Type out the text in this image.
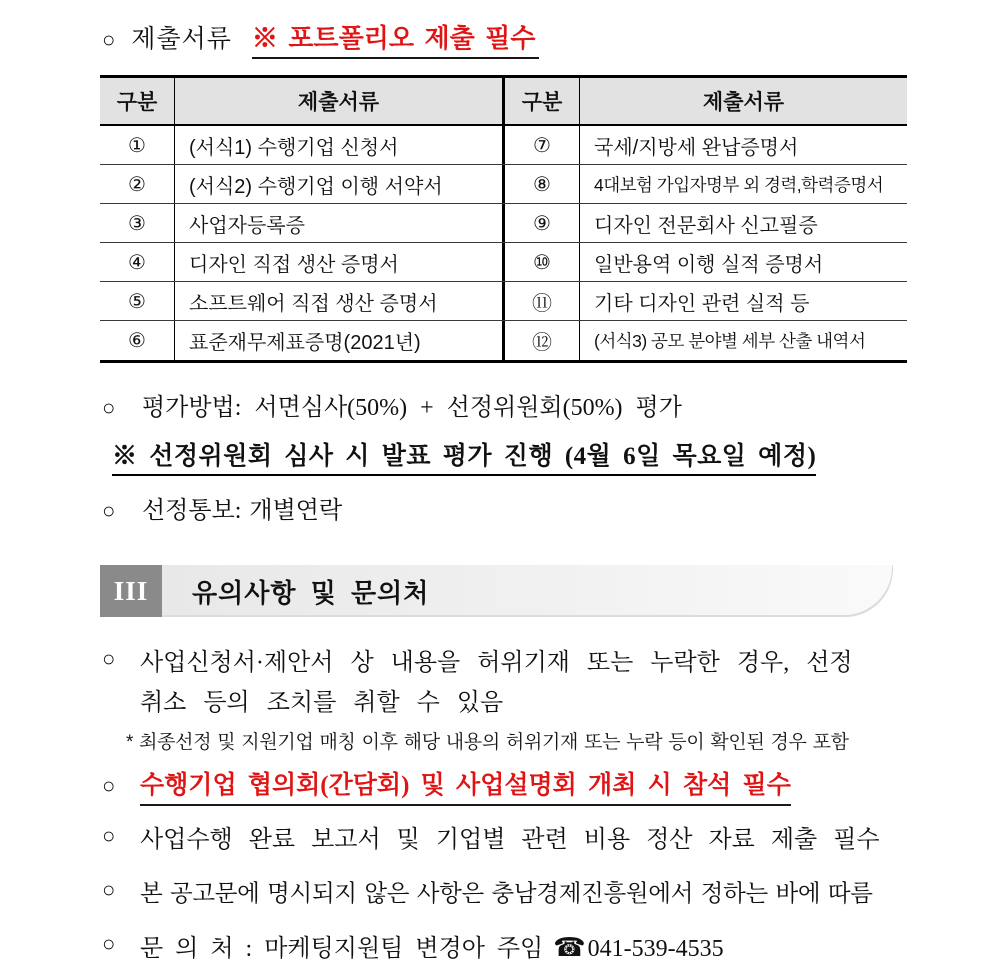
○ 제출서류 ※ 포트폴리오 제출 필수
구분	제출서류	구분	제출서류
①	(서식1) 수행기업 신청서	⑦	국세/지방세 완납증명서
②	(서식2) 수행기업 이행 서약서	⑧	4대보험 가입자명부 외 경력,학력증명서
③	사업자등록증	⑨	디자인 전문회사 신고필증
④	디자인 직접 생산 증명서	⑩	일반용역 이행 실적 증명서
⑤	소프트웨어 직접 생산 증명서	⑪	기타 디자인 관련 실적 등
⑥	표준재무제표증명(2021년)	⑫	(서식3) 공모 분야별 세부 산출 내역서
○	평가방법: 서면심사(50%) + 선정위원회(50%) 평가
※ 선정위원회 심사 시 발표 평가 진행 (4월 6일 목요일 예정)
○	선정통보: 개별연락
III	유의사항 및 문의처
○	사업신청서·제안서 상 내용을 허위기재 또는 누락한 경우, 선정
취소 등의 조치를 취할 수 있음
* 최종선정 및 지원기업 매칭 이후 해당 내용의 허위기재 또는 누락 등이 확인된 경우 포함
○ 수행기업 협의회(간담회) 및 사업설명회 개최 시 참석 필수
○	사업수행 완료 보고서 및 기업별 관련 비용 정산 자료 제출 필수
○	본 공고문에 명시되지 않은 사항은 충남경제진흥원에서 정하는 바에 따름
○	문 의 처 : 마케팅지원팀 변경아 주임 ☎041-539-4535
